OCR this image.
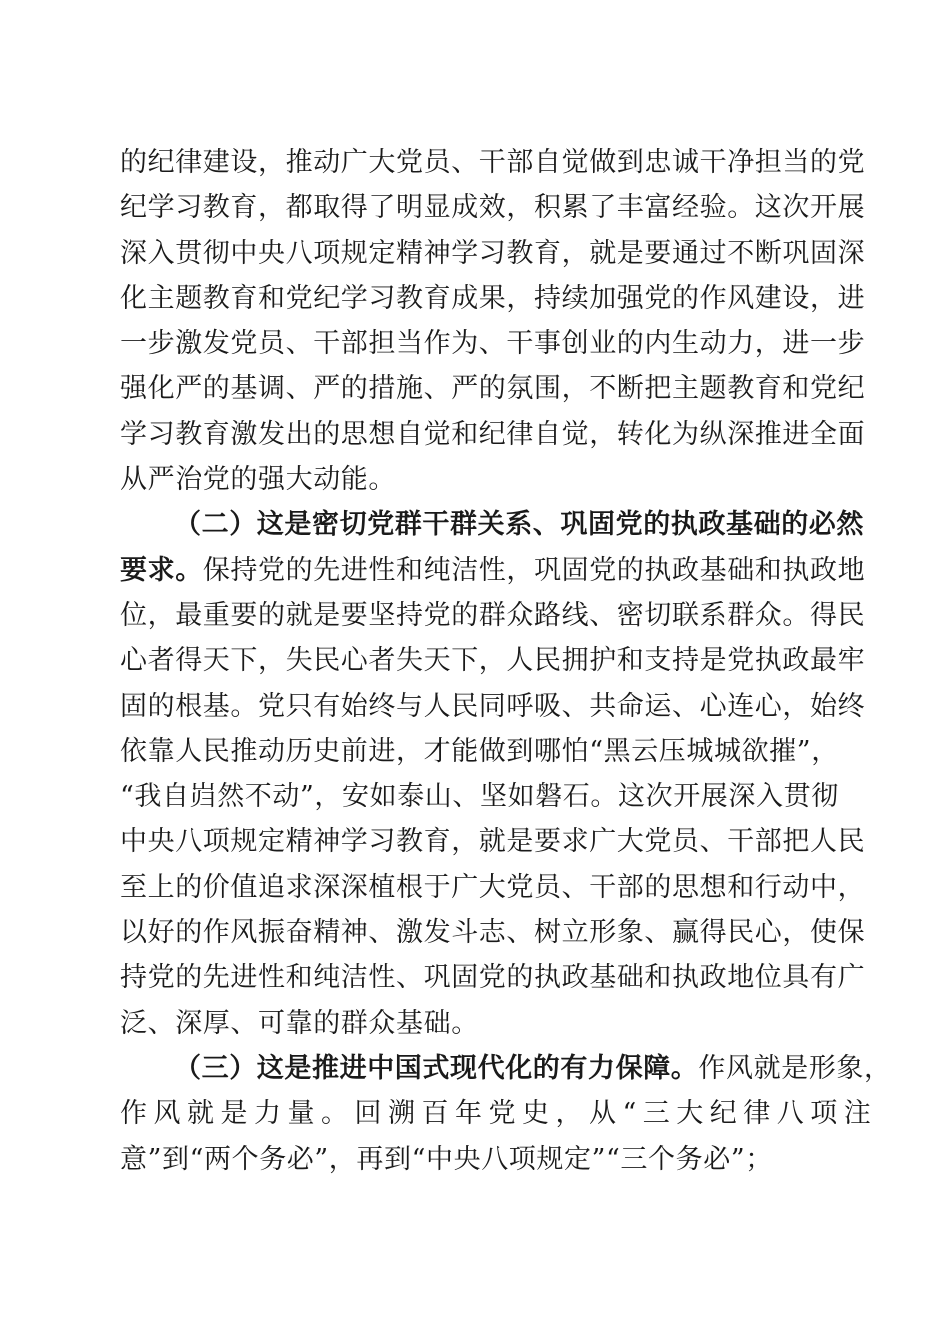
的纪律建设，推动广大党员、干部自觉做到忠诚干净担当的党
纪学习教育，都取得了明显成效，积累了丰富经验。这次开展
深入贯彻中央八项规定精神学习教育，就是要通过不断巩固深
化主题教育和党纪学习教育成果，持续加强党的作风建设，进
一步激发党员、干部担当作为、干事创业的内生动力，进一步
强化严的基调、严的措施、严的氛围，不断把主题教育和党纪
学习教育激发出的思想自觉和纪律自觉，转化为纵深推进全面
从严治党的强大动能。
（二）这是密切党群干群关系、巩固党的执政基础的必然
要求。保持党的先进性和纯洁性，巩固党的执政基础和执政地
位，最重要的就是要坚持党的群众路线、密切联系群众。得民
心者得天下，失民心者失天下，人民拥护和支持是党执政最牢
固的根基。党只有始终与人民同呼吸、共命运、心连心，始终
依靠人民推动历史前进，才能做到哪怕“黑云压城城欲摧”，
“我自岿然不动”，安如泰山、坚如磐石。这次开展深入贯彻
中央八项规定精神学习教育，就是要求广大党员、干部把人民
至上的价值追求深深植根于广大党员、干部的思想和行动中，
以好的作风振奋精神、激发斗志、树立形象、赢得民心，使保
持党的先进性和纯洁性、巩固党的执政基础和执政地位具有广
泛、深厚、可靠的群众基础。
（三）这是推进中国式现代化的有力保障。作风就是形象，
作风就是力量。回溯百年党史，从“三大纪律八项注
意”到“两个务必”，再到“中央八项规定”“三个务必”；
